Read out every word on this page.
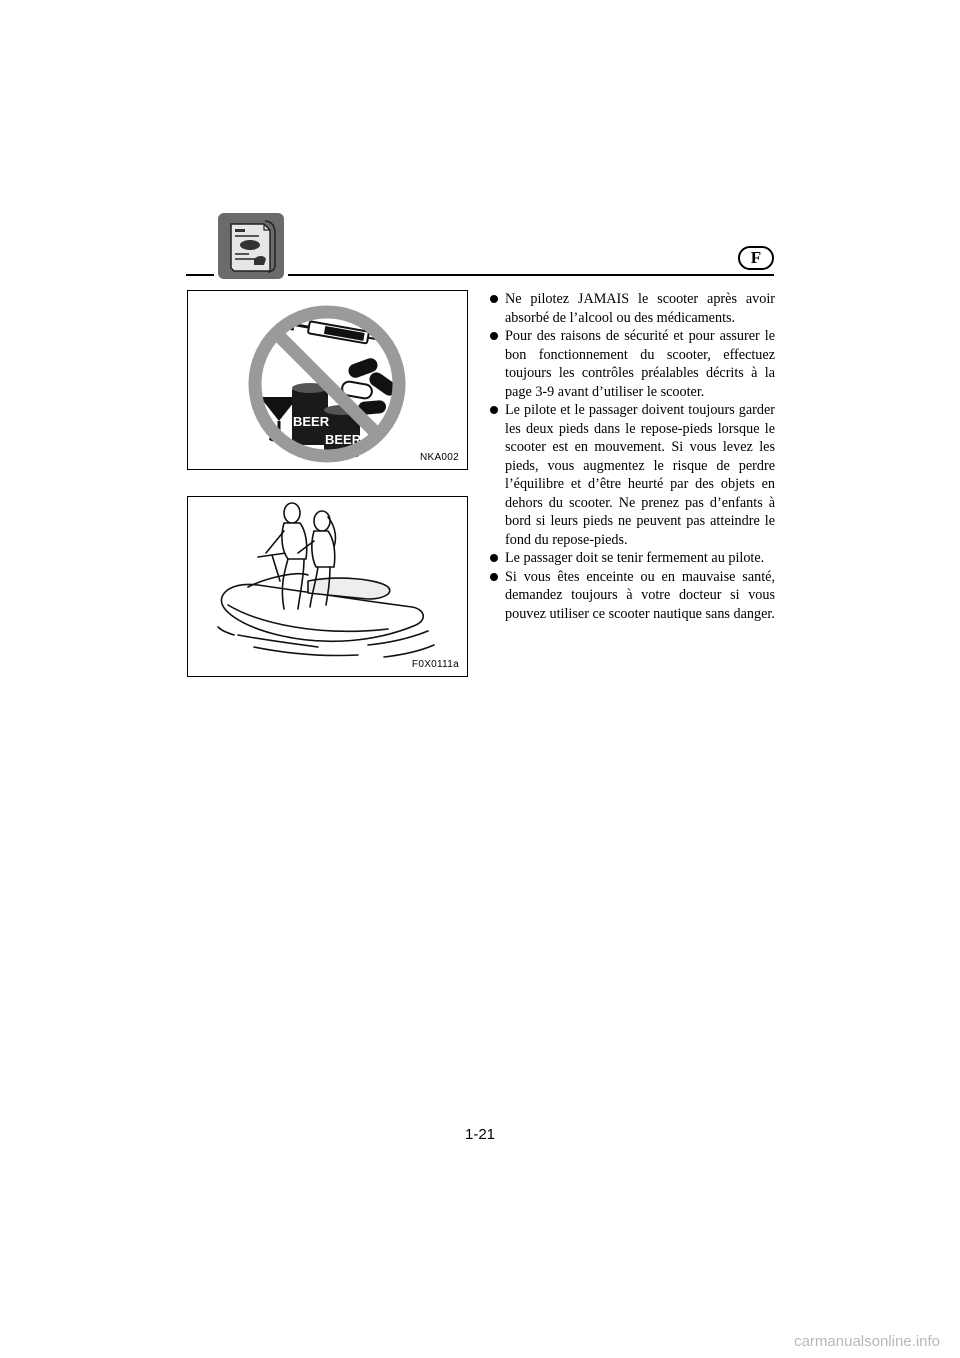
F
BEER
BEER
NKA002
F0X0111a
Ne pilotez JAMAIS le scooter après avoir absorbé de l’alcool ou des médicaments.
Pour des raisons de sécurité et pour assurer le bon fonctionnement du scooter, effectuez toujours les contrôles préalables décrits à la page 3-9 avant d’utiliser le scooter.
Le pilote et le passager doivent toujours garder les deux pieds dans le repose-pieds lorsque le scooter est en mouvement. Si vous levez les pieds, vous augmentez le risque de perdre l’équilibre et d’être heurté par des objets en dehors du scooter. Ne prenez pas d’enfants à bord si leurs pieds ne peuvent pas atteindre le fond du repose-pieds.
Le passager doit se tenir fermement au pilote.
Si vous êtes enceinte ou en mauvaise santé, demandez toujours à votre docteur si vous pouvez utiliser ce scooter nautique sans danger.
1-21
carmanualsonline.info
